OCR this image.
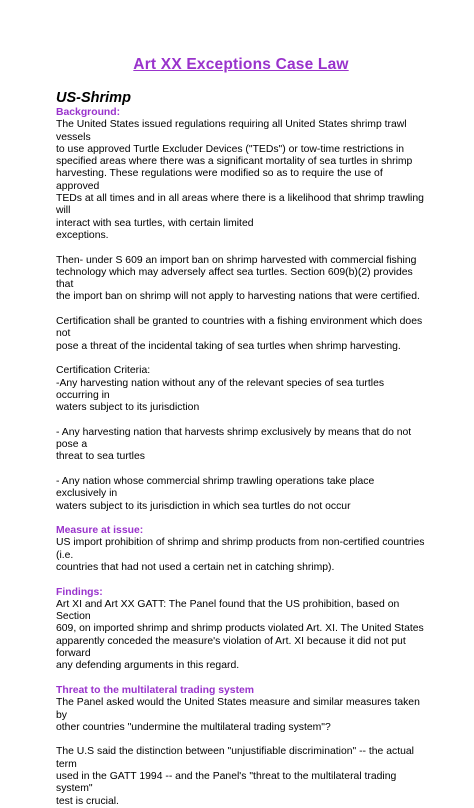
Art XX Exceptions Case Law
US-Shrimp
Background:
The United States issued regulations requiring all United States shrimp trawl vessels
to use approved Turtle Excluder Devices ("TEDs") or tow-time restrictions in
specified areas where there was a significant mortality of sea turtles in shrimp
harvesting. These regulations were modified so as to require the use of approved
TEDs at all times and in all areas where there is a likelihood that shrimp trawling will
interact with sea turtles, with certain limited
exceptions.
Then- under S 609 an import ban on shrimp harvested with commercial fishing
technology which may adversely affect sea turtles. Section 609(b)(2) provides that
the import ban on shrimp will not apply to harvesting nations that were certified.
Certification shall be granted to countries with a fishing environment which does not
pose a threat of the incidental taking of sea turtles when shrimp harvesting.
Certification Criteria:
-Any harvesting nation without any of the relevant species of sea turtles occurring in
waters subject to its jurisdiction
- Any harvesting nation that harvests shrimp exclusively by means that do not pose a
threat to sea turtles
- Any nation whose commercial shrimp trawling operations take place exclusively in
waters subject to its jurisdiction in which sea turtles do not occur
Measure at issue:
US import prohibition of shrimp and shrimp products from non-certified countries (i.e.
countries that had not used a certain net in catching shrimp).
Findings:
Art XI and Art XX GATT: The Panel found that the US prohibition, based on Section
609, on imported shrimp and shrimp products violated Art. XI. The United States
apparently conceded the measure's violation of Art. XI because it did not put forward
any defending arguments in this regard.
Threat to the multilateral trading system
The Panel asked would the United States measure and similar measures taken by
other countries "undermine the multilateral trading system"?
The U.S said the distinction between "unjustifiable discrimination" -- the actual term
used in the GATT 1994 -- and the Panel's "threat to the multilateral trading system"
test is crucial.
